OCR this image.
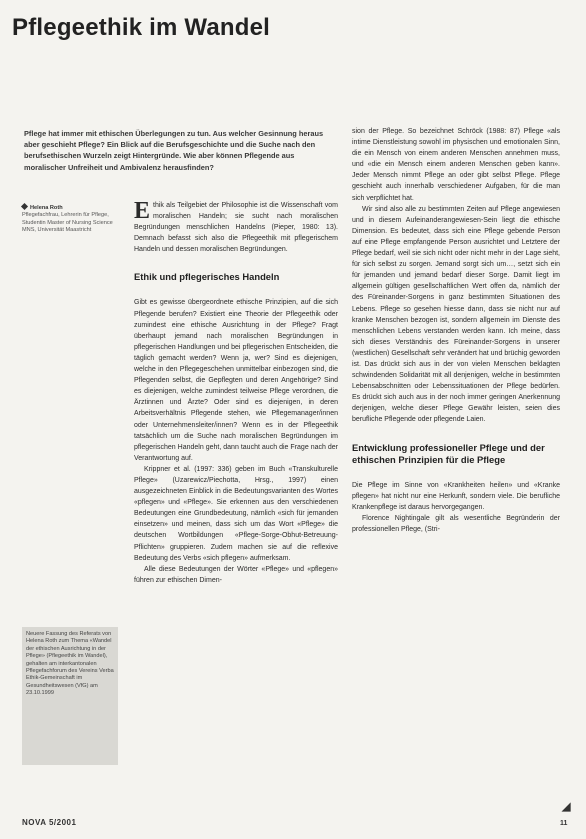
Pflegeethik im Wandel
Pflege hat immer mit ethischen Überlegungen zu tun. Aus welcher Gesinnung heraus aber geschieht Pflege? Ein Blick auf die Berufsgeschichte und die Suche nach den berufsethischen Wurzeln zeigt Hintergründe. Wie aber können Pflegende aus moralischer Unfreiheit und Ambivalenz herausfinden?
Helena Roth
Pflegefachfrau, Lehrerin für Pflege, Studentin Master of Nursing Science MNS, Universität Maastricht

Ethik als Teilgebiet der Philosophie ist die Wissenschaft vom moralischen Handeln; sie sucht nach moralischen Begründungen menschlichen Handelns (Pieper, 1980: 13). Demnach befasst sich also die Pflegeethik mit pflegerischem Handeln und dessen moralischen Begründungen.

Ethik und pflegerisches Handeln

Gibt es gewisse übergeordnete ethische Prinzipien, auf die sich Pflegende berufen? Existiert eine Theorie der Pflegeethik oder zumindest eine ethische Ausrichtung in der Pflege? Fragt überhaupt jemand nach moralischen Begründungen in pflegerischen Handlungen und bei pflegerischen Entscheiden, die täglich gemacht werden? Wenn ja, wer? Sind es diejenigen, welche in den Pflegegeschehen unmittelbar einbezogen sind, die Pflegenden selbst, die Gepflegten und deren Angehörige? Sind es diejenigen, welche zumindest teilweise Pflege verordnen, die Ärztinnen und Ärzte? Oder sind es diejenigen, in deren Arbeitsverhältnis Pflegende stehen, wie Pflegemanager/innen oder Unternehmensleiter/innen? Wenn es in der Pflegeethik tatsächlich um die Suche nach moralischen Begründungen im pflegerischen Handeln geht, dann taucht auch die Frage nach der Verantwortung auf.

Krippner et al. (1997: 336) geben im Buch «Transkulturelle Pflege» (Uzarewicz/Piechotta, Hrsg., 1997) einen ausgezeichneten Einblick in die Bedeutungsvarianten des Wortes «pflegen» und «Pflege». Sie erkennen aus den verschiedenen Bedeutungen eine Grundbedeutung, nämlich «sich für jemanden einsetzen» und meinen, dass sich um das Wort «Pflege» die deutschen Wortbildungen «Pflege-Sorge-Obhut-Betreuung-Pflichten» gruppieren. Zudem machen sie auf die reflexive Bedeutung des Verbs «sich pflegen» aufmerksam.

Alle diese Bedeutungen der Wörter «Pflege» und «pflegen» führen zur ethischen Dimen-

sion der Pflege. So bezeichnet Schröck (1988: 87) Pflege «als intime Dienstleistung sowohl im physischen und emotionalen Sinn, die ein Mensch von einem anderen Menschen annehmen muss, und «die ein Mensch einem anderen Menschen geben kann». Jeder Mensch nimmt Pflege an oder gibt selbst Pflege. Pflege geschieht auch innerhalb verschiedener Aufgaben, für die man sich verpflichtet hat.

Wir sind also alle zu bestimmten Zeiten auf Pflege angewiesen und in diesem Aufeinanderangewiesen-Sein liegt die ethische Dimension. Es bedeutet, dass sich eine Pflege gebende Person auf eine Pflege empfangende Person ausrichtet und Letztere der Pflege bedarf, weil sie sich nicht oder nicht mehr in der Lage sieht, für sich selbst zu sorgen. Jemand sorgt sich um…, setzt sich ein für jemanden und jemand bedarf dieser Sorge. Damit liegt im allgemein gültigen gesellschaftlichen Wert offen da, nämlich der des Füreinander-Sorgens in ganz bestimmten Situationen des Lebens. Pflege so gesehen hiesse dann, dass sie nicht nur auf kranke Menschen bezogen ist, sondern allgemein im Dienste des menschlichen Lebens verstanden werden kann. Ich meine, dass sich dieses Verständnis des Füreinander-Sorgens in unserer (westlichen) Gesellschaft sehr verändert hat und brüchig geworden ist. Das drückt sich aus in der von vielen Menschen beklagten schwindenden Solidarität mit all denjenigen, welche in bestimmten Lebensabschnitten oder Lebenssituationen der Pflege bedürfen. Es drückt sich auch aus in der noch immer geringen Anerkennung derjenigen, welche dieser Pflege Gewähr leisten, seien dies berufliche Pflegende oder pflegende Laien.

Entwicklung professioneller Pflege und der ethischen Prinzipien für die Pflege

Die Pflege im Sinne von «Krankheiten heilen» und «Kranke pflegen» hat nicht nur eine Herkunft, sondern viele. Die berufliche Krankenpflege ist daraus hervorgegangen.

Florence Nightingale gilt als wesentliche Begründerin der professionellen Pflege, (Stri-

Neuere Fassung des Referats von Helena Roth zum Thema «Wandel der ethischen Ausrichtung in der Pflege» (Pflegeethik im Wandel), gehalten am interkantonalen Pflegefachforum des Vereins Verba Ethik-Gemeinschaft im Gesundheitswesen (VfG) am 23.10.1999
NOVA 5/2001
◢
11
